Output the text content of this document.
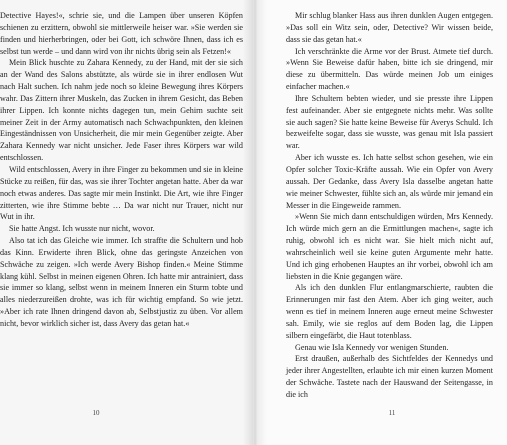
Detective Hayes!«, schrie sie, und die Lampen über unseren Köpfen schienen zu erzittern, obwohl sie mittlerweile heiser war. »Sie werden sie finden und hierherbringen, oder bei Gott, ich schwöre Ihnen, dass ich es selbst tun werde – und dann wird von ihr nichts übrig sein als Fetzen!«

Mein Blick huschte zu Zahara Kennedy, zu der Hand, mit der sie sich an der Wand des Salons abstützte, als würde sie in ihrer endlosen Wut nach Halt suchen. Ich nahm jede noch so kleine Bewegung ihres Körpers wahr. Das Zittern ihrer Muskeln, das Zucken in ihrem Gesicht, das Beben ihrer Lippen. Ich konnte nichts dagegen tun, mein Gehirn suchte seit meiner Zeit in der Army automatisch nach Schwachpunkten, den kleinen Eingeständnissen von Unsicherheit, die mir mein Gegenüber zeigte. Aber Zahara Kennedy war nicht unsicher. Jede Faser ihres Körpers war wild entschlossen.

Wild entschlossen, Avery in ihre Finger zu bekommen und sie in kleine Stücke zu reißen, für das, was sie ihrer Tochter angetan hatte. Aber da war noch etwas anderes. Das sagte mir mein Instinkt. Die Art, wie ihre Finger zitterten, wie ihre Stimme bebte … Da war nicht nur Trauer, nicht nur Wut in ihr.

Sie hatte Angst. Ich wusste nur nicht, wovor.

Also tat ich das Gleiche wie immer. Ich straffte die Schultern und hob das Kinn. Erwiderte ihren Blick, ohne das geringste Anzeichen von Schwäche zu zeigen. »Ich werde Avery Bishop finden.« Meine Stimme klang kühl. Selbst in meinen eigenen Ohren. Ich hatte mir antrainiert, dass sie immer so klang, selbst wenn in meinem Inneren ein Sturm tobte und alles niederzureißen drohte, was ich für wichtig empfand. So wie jetzt. »Aber ich rate Ihnen dringend davon ab, Selbstjustiz zu üben. Vor allem nicht, bevor wirklich sicher ist, dass Avery das getan hat.«

10

Mir schlug blanker Hass aus ihren dunklen Augen entgegen. »Das soll ein Witz sein, oder, Detective? Wir wissen beide, dass sie das getan hat.«

Ich verschränkte die Arme vor der Brust. Atmete tief durch. »Wenn Sie Beweise dafür haben, bitte ich sie dringend, mir diese zu übermitteln. Das würde meinen Job um einiges einfacher machen.«

Ihre Schultern bebten wieder, und sie presste ihre Lippen fest aufeinander. Aber sie entgegnete nichts mehr. Was sollte sie auch sagen? Sie hatte keine Beweise für Averys Schuld. Ich bezweifelte sogar, dass sie wusste, was genau mit Isla passiert war.

Aber ich wusste es. Ich hatte selbst schon gesehen, wie ein Opfer solcher Toxic-Kräfte aussah. Wie ein Opfer von Avery aussah. Der Gedanke, dass Avery Isla dasselbe angetan hatte wie meiner Schwester, fühlte sich an, als würde mir jemand ein Messer in die Eingeweide rammen.

»Wenn Sie mich dann entschuldigen würden, Mrs Kennedy. Ich würde mich gern an die Ermittlungen machen«, sagte ich ruhig, obwohl ich es nicht war. Sie hielt mich nicht auf, wahrscheinlich weil sie keine guten Argumente mehr hatte. Und ich ging erhobenen Hauptes an ihr vorbei, obwohl ich am liebsten in die Knie gegangen wäre.

Als ich den dunklen Flur entlangmarschierte, raubten die Erinnerungen mir fast den Atem. Aber ich ging weiter, auch wenn es tief in meinem Inneren auge erneut meine Schwester sah. Emily, wie sie reglos auf dem Boden lag, die Lippen silbern eingefärbt, die Haut totenblass.

Genau wie Isla Kennedy vor wenigen Stunden.

Erst draußen, außerhalb des Sichtfeldes der Kennedys und jeder ihrer Angestellten, erlaubte ich mir einen kurzen Moment der Schwäche. Tastete nach der Hauswand der Seitengasse, in die ich

11
